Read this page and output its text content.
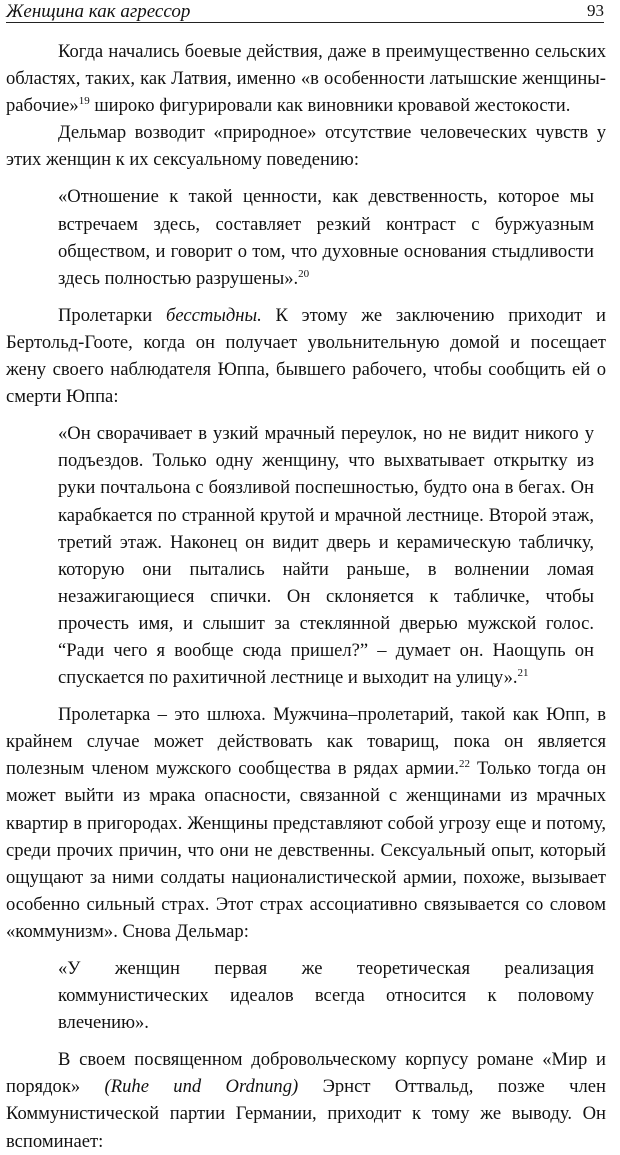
Женщина как агрессор	93

Когда начались боевые действия, даже в преимущественно сельских областях, таких, как Латвия, именно «в особенности латышские женщины-рабочие»$^{19}$ широко фигурировали как виновники кровавой жестокости.

Дельмар возводит «природное» отсутствие человеческих чувств у этих женщин к их сексуальному поведению:

«Отношение к такой ценности, как девственность, которое мы встречаем здесь, составляет резкий контраст с буржуазным обществом, и говорит о том, что духовные основания стыдливости здесь полностью разрушены».$^{20}$

Пролетарки бесстыдны. К этому же заключению приходит и Бертольд-Гооте, когда он получает увольнительную домой и посещает жену своего наблюдателя Юппа, бывшего рабочего, чтобы сообщить ей о смерти Юппа:

«Он сворачивает в узкий мрачный переулок, но не видит никого у подъездов. Только одну женщину, что выхватывает открытку из руки почтальона с боязливой поспешностью, будто она в бегах. Он карабкается по странной крутой и мрачной лестнице. Второй этаж, третий этаж. Наконец он видит дверь и керамическую табличку, которую они пытались найти раньше, в волнении ломая незажигающиеся спички. Он склоняется к табличке, чтобы прочесть имя, и слышит за стеклянной дверью мужской голос. “Ради чего я вообще сюда пришел?” – думает он. Наощупь он спускается по рахитичной лестнице и выходит на улицу».$^{21}$

Пролетарка – это шлюха. Мужчина–пролетарий, такой как Юпп, в крайнем случае может действовать как товарищ, пока он является полезным членом мужского сообщества в рядах армии.$^{22}$ Только тогда он может выйти из мрака опасности, связанной с женщинами из мрачных квартир в пригородах. Женщины представляют собой угрозу еще и потому, среди прочих причин, что они не девственны. Сексуальный опыт, который ощущают за ними солдаты националистической армии, похоже, вызывает особенно сильный страх. Этот страх ассоциативно связывается со словом «коммунизм». Снова Дельмар:

«У женщин первая же теоретическая реализация коммунистических идеалов всегда относится к половому влечению».

В своем посвященном добровольческому корпусу романе «Мир и порядок» (Ruhe und Ordnung) Эрнст Оттвальд, позже член Коммунистической партии Германии, приходит к тому же выводу. Он вспоминает:
